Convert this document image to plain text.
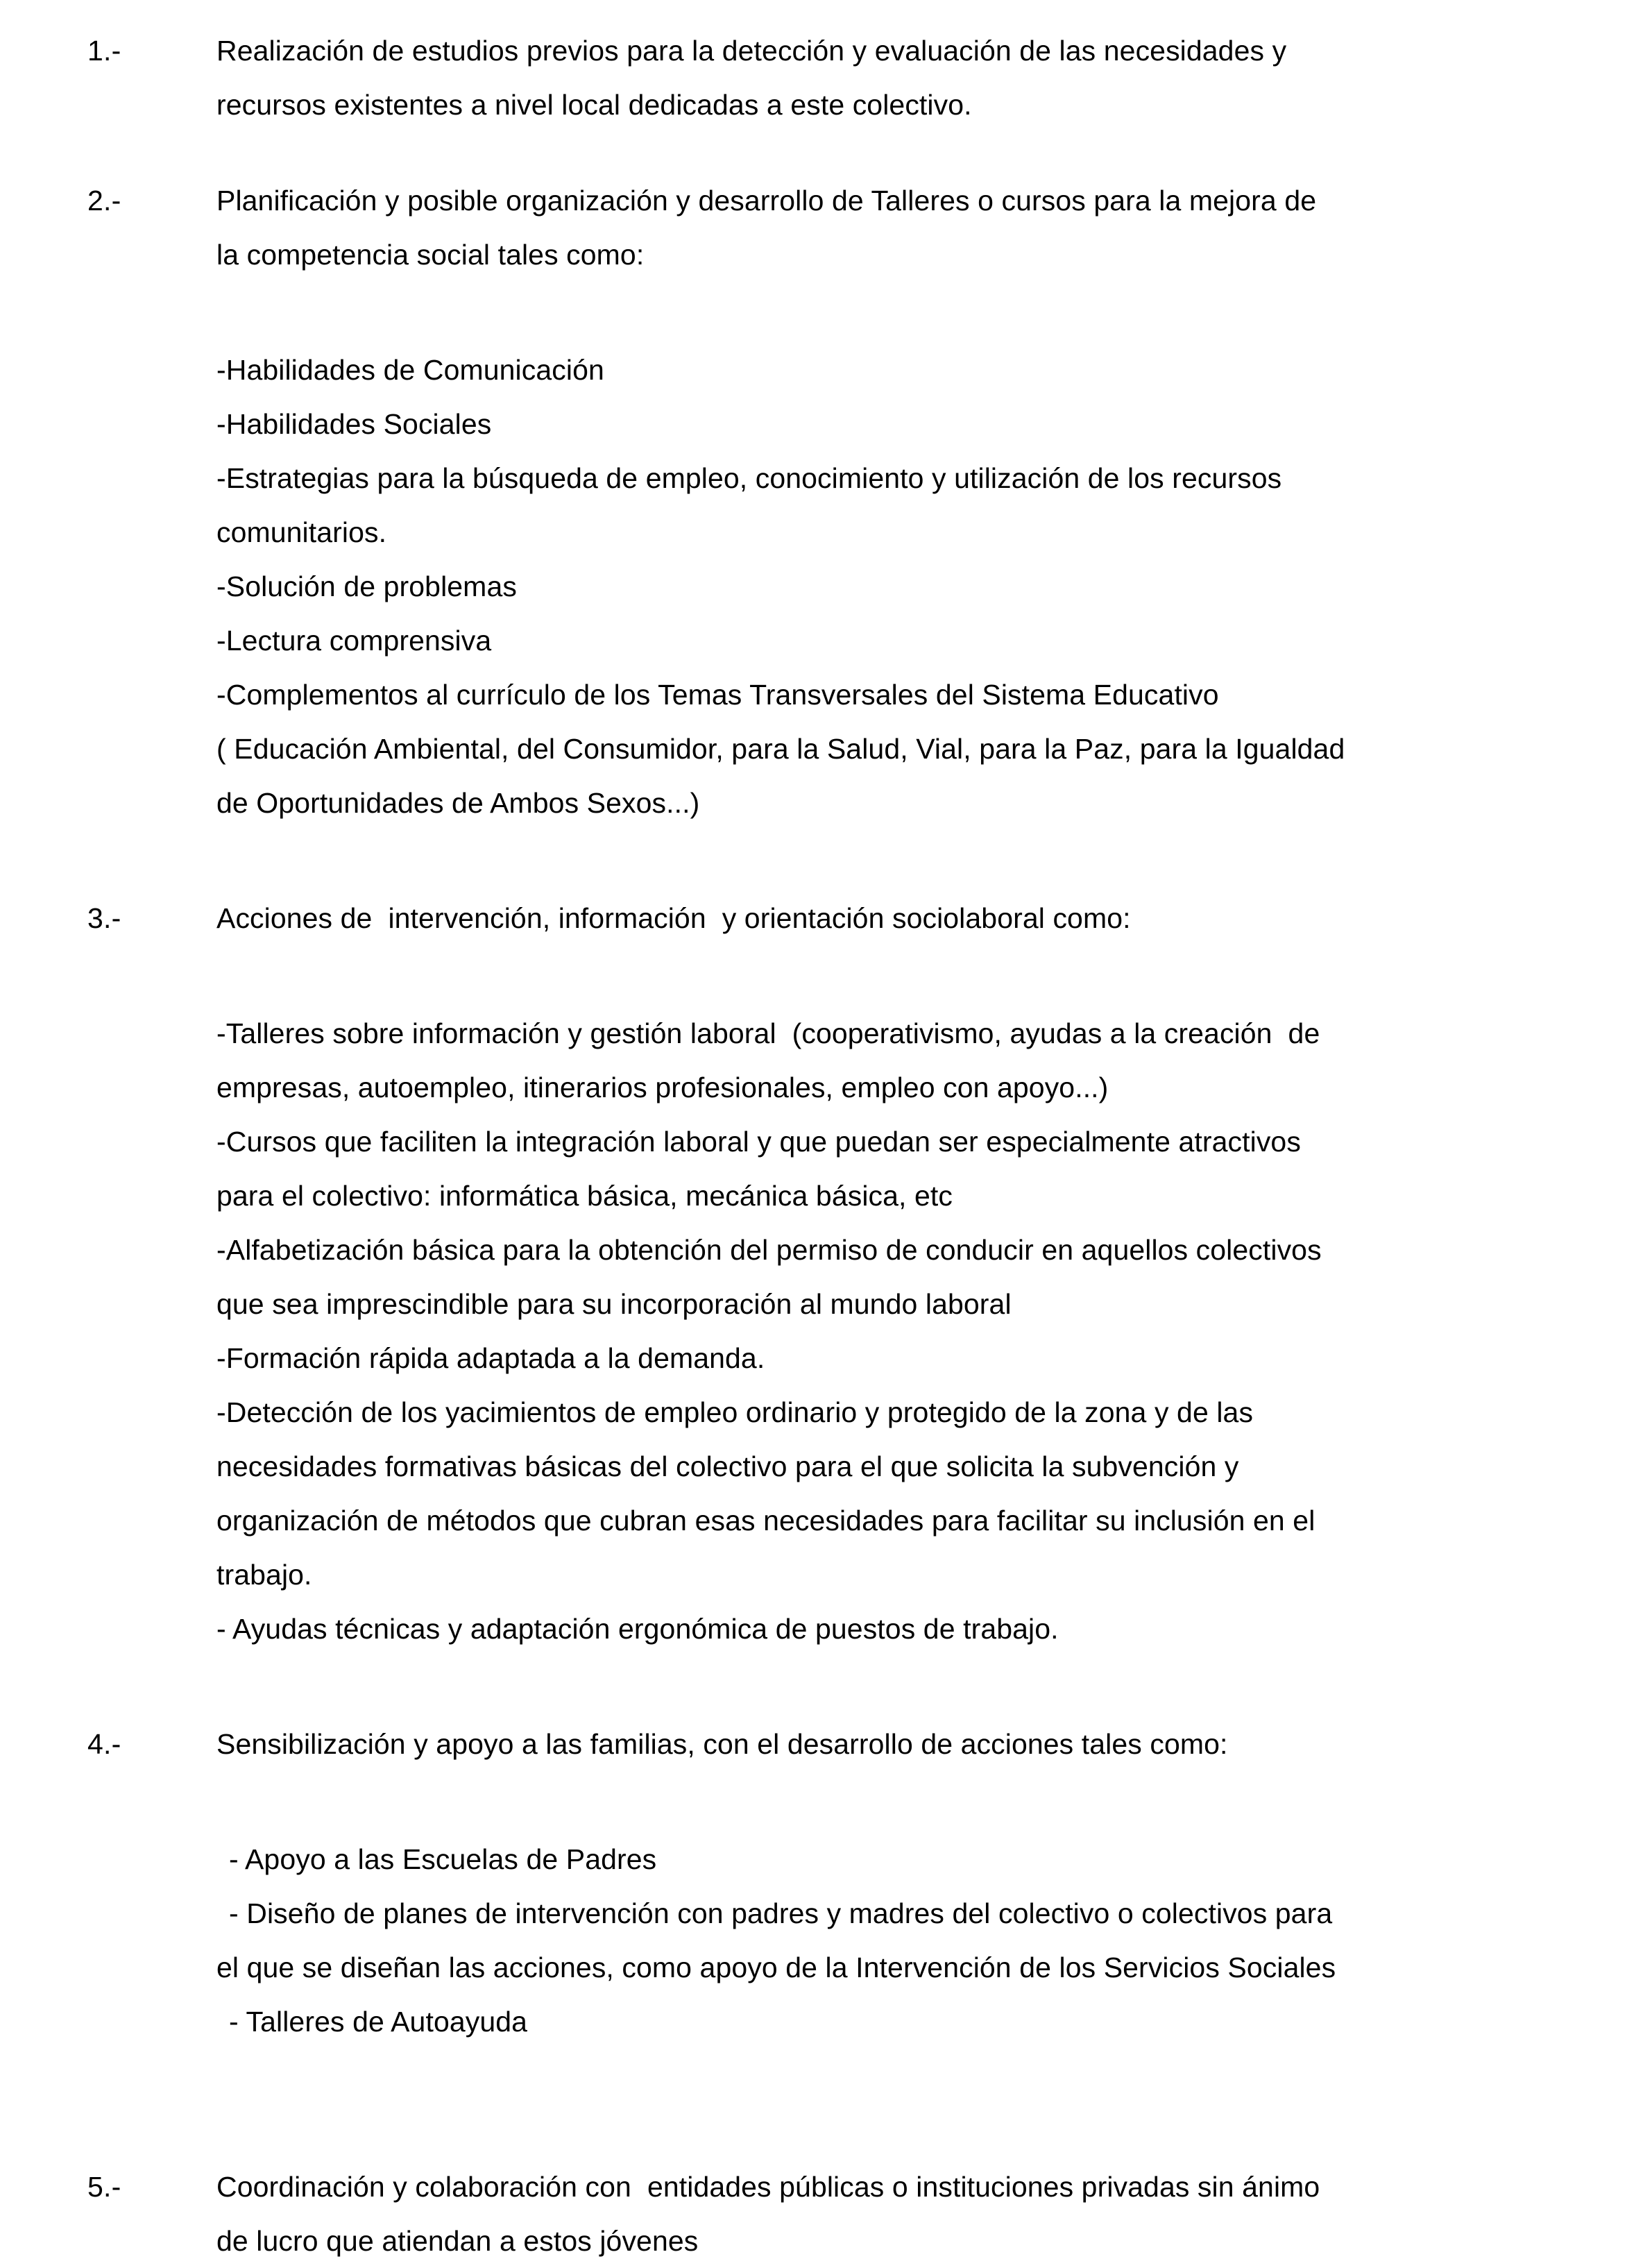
1.-	Realización de estudios previos para la detección y evaluación de las necesidades y
recursos existentes a nivel local dedicadas a este colectivo.
2.-	Planificación y posible organización y desarrollo de Talleres o cursos para la mejora de
la competencia social tales como:
-Habilidades de Comunicación
-Habilidades Sociales
-Estrategias para la búsqueda de empleo, conocimiento y utilización de los recursos
comunitarios.
-Solución de problemas
-Lectura comprensiva
-Complementos al currículo de los Temas Transversales del Sistema Educativo
( Educación Ambiental, del Consumidor, para la Salud, Vial, para la Paz, para la Igualdad
de Oportunidades de Ambos Sexos...)
3.-	Acciones de  intervención, información  y orientación sociolaboral como:
-Talleres sobre información y gestión laboral  (cooperativismo, ayudas a la creación  de
empresas, autoempleo, itinerarios profesionales, empleo con apoyo...)
-Cursos que faciliten la integración laboral y que puedan ser especialmente atractivos
para el colectivo: informática básica, mecánica básica, etc
-Alfabetización básica para la obtención del permiso de conducir en aquellos colectivos
que sea imprescindible para su incorporación al mundo laboral
-Formación rápida adaptada a la demanda.
-Detección de los yacimientos de empleo ordinario y protegido de la zona y de las
necesidades formativas básicas del colectivo para el que solicita la subvención y
organización de métodos que cubran esas necesidades para facilitar su inclusión en el
trabajo.
- Ayudas técnicas y adaptación ergonómica de puestos de trabajo.
4.-	Sensibilización y apoyo a las familias, con el desarrollo de acciones tales como:
- Apoyo a las Escuelas de Padres
- Diseño de planes de intervención con padres y madres del colectivo o colectivos para
el que se diseñan las acciones, como apoyo de la Intervención de los Servicios Sociales
- Talleres de Autoayuda
5.-	Coordinación y colaboración con  entidades públicas o instituciones privadas sin ánimo
de lucro que atiendan a estos jóvenes
